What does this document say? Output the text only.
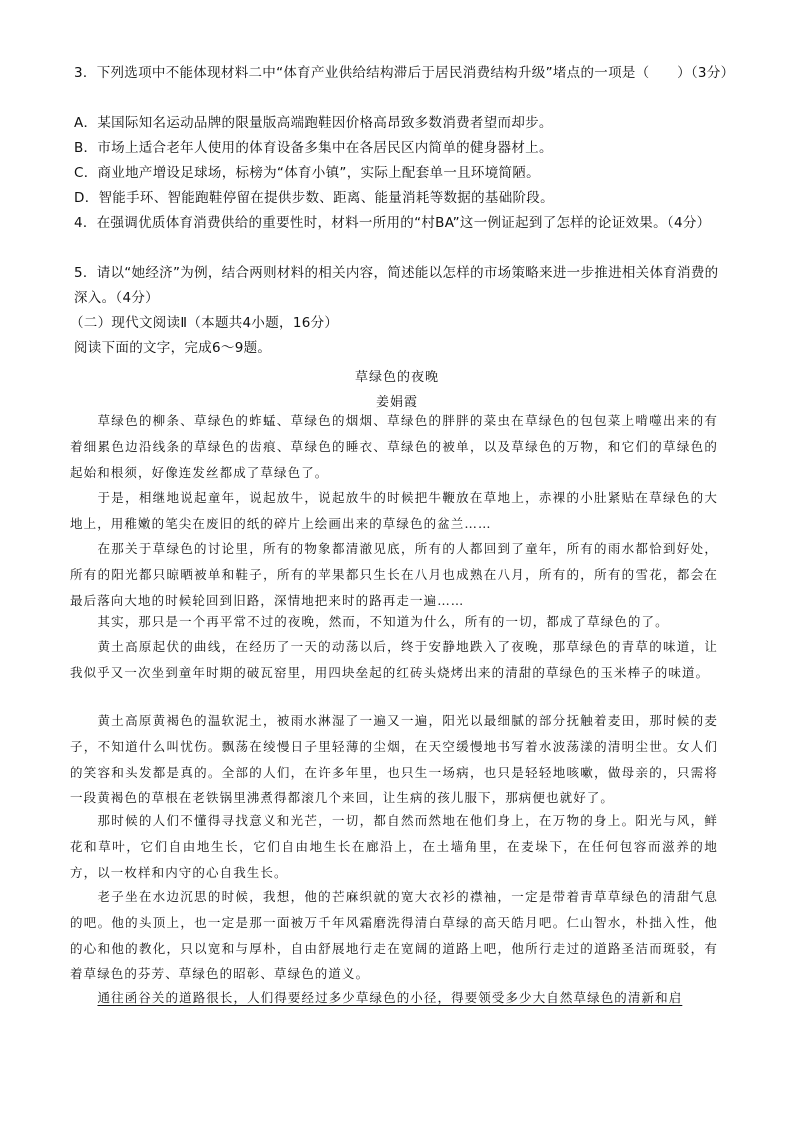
3．下列选项中不能体现材料二中“体育产业供给结构滞后于居民消费结构升级”堵点的一项是（　　）（3分）
A．某国际知名运动品牌的限量版高端跑鞋因价格高昂致多数消费者望而却步。
B．市场上适合老年人使用的体育设备多集中在各居民区内简单的健身器材上。
C．商业地产增设足球场，标榜为“体育小镇”，实际上配套单一且环境简陋。
D．智能手环、智能跑鞋停留在提供步数、距离、能量消耗等数据的基础阶段。
4．在强调优质体育消费供给的重要性时，材料一所用的“村BA”这一例证起到了怎样的论证效果。（4分）
5．请以“她经济”为例，结合两则材料的相关内容，简述能以怎样的市场策略来进一步推进相关体育消费的深入。（4分）
（二）现代文阅读Ⅱ（本题共4小题，16分）
阅读下面的文字，完成6～9题。
草绿色的夜晚
姜娟霞
草绿色的柳条、草绿色的蚱蜢、草绿色的烟烟、草绿色的胖胖的菜虫在草绿色的包包菜上啃噬出来的有着细累色边沿线条的草绿色的齿痕、草绿色的睡衣、草绿色的被单，以及草绿色的万物，和它们的草绿色的起始和根须，好像连发丝都成了草绿色了。
于是，相继地说起童年，说起放牛，说起放牛的时候把牛鞭放在草地上，赤裸的小肚紧贴在草绿色的大地上，用稚嫩的笔尖在废旧的纸的碎片上绘画出来的草绿色的盆兰……
在那关于草绿色的讨论里，所有的物象都清澈见底，所有的人都回到了童年，所有的雨水都恰到好处，所有的阳光都只晾晒被单和鞋子，所有的苹果都只生长在八月也成熟在八月，所有的，所有的雪花，都会在最后落向大地的时候轮回到旧路，深情地把来时的路再走一遍……
其实，那只是一个再平常不过的夜晚，然而，不知道为什么，所有的一切，都成了草绿色的了。
黄土高原起伏的曲线，在经历了一天的动荡以后，终于安静地跌入了夜晚，那草绿色的青草的味道，让我似乎又一次坐到童年时期的破瓦窑里，用四块垒起的红砖头烧烤出来的清甜的草绿色的玉米棒子的味道。
黄土高原黄褐色的温软泥土，被雨水淋湿了一遍又一遍，阳光以最细腻的部分抚触着麦田，那时候的麦子，不知道什么叫忧伤。飘荡在绫慢日子里轻薄的尘烟，在天空缓慢地书写着水波荡漾的清明尘世。女人们的笑容和头发都是真的。全部的人们，在许多年里，也只生一场病，也只是轻轻地咳嗽，做母亲的，只需将一段黄褐色的草根在老铁锅里沸煮得都滚几个来回，让生病的孩儿服下，那病便也就好了。
那时候的人们不懂得寻找意义和光芒，一切，都自然而然地在他们身上，在万物的身上。阳光与风，鲜花和草叶，它们自由地生长，它们自由地生长在廊沿上，在土墙角里，在麦垛下，在任何包容而滋养的地方，以一枚样和内守的心自我生长。
老子坐在水边沉思的时候，我想，他的芒麻织就的宽大衣衫的襟袖，一定是带着青草草绿色的清甜气息的吧。他的头顶上，也一定是那一面被万千年风霜磨洗得清白草绿的高天皓月吧。仁山智水，朴拙入性，他的心和他的教化，只以宽和与厚朴，自由舒展地行走在宽阔的道路上吧，他所行走过的道路圣洁而斑驳，有着草绿色的芬芳、草绿色的昭彰、草绿色的道义。
通往函谷关的道路很长，人们得要经过多少草绿色的小径，得要领受多少大自然草绿色的清新和启
